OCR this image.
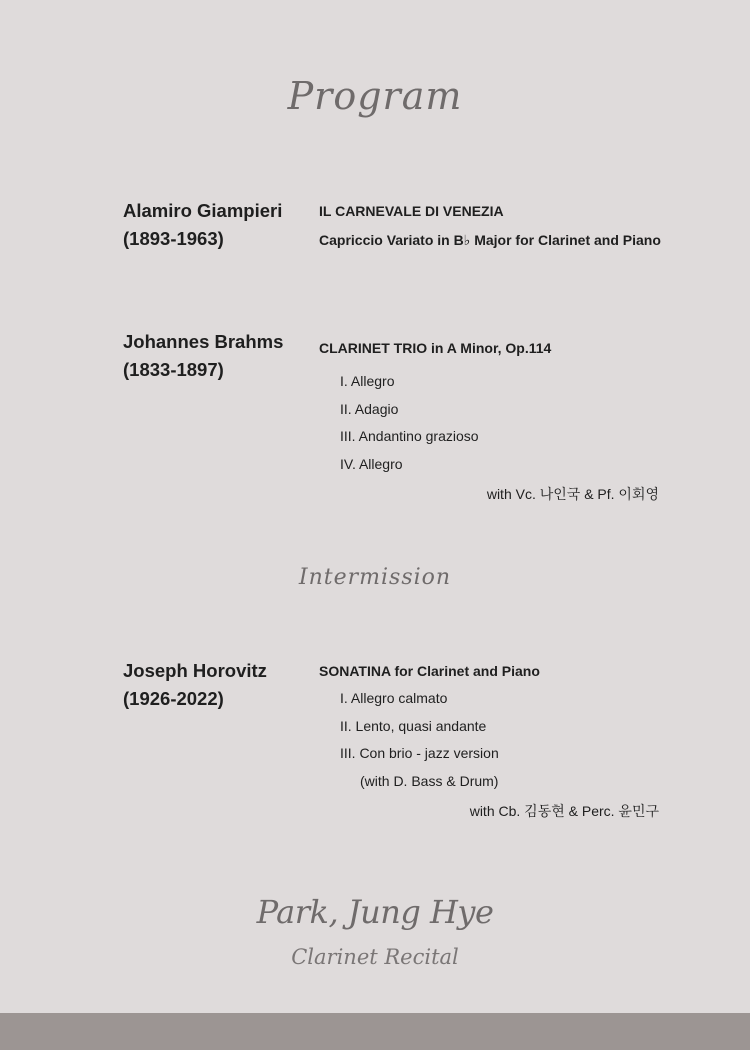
Program
Alamiro Giampieri
(1893-1963)
IL CARNEVALE DI VENEZIA
Capriccio Variato in B♭ Major for Clarinet and Piano
Johannes Brahms
(1833-1897)
CLARINET TRIO in A Minor, Op.114
I. Allegro
II. Adagio
III. Andantino grazioso
IV. Allegro
with Vc. 나인국 & Pf. 이회영
Intermission
Joseph Horovitz
(1926-2022)
SONATINA for Clarinet and Piano
I. Allegro calmato
II. Lento, quasi andante
III. Con brio - jazz version
(with D. Bass & Drum)
with Cb. 김동현 & Perc. 윤민구
Park, Jung Hye
Clarinet Recital
